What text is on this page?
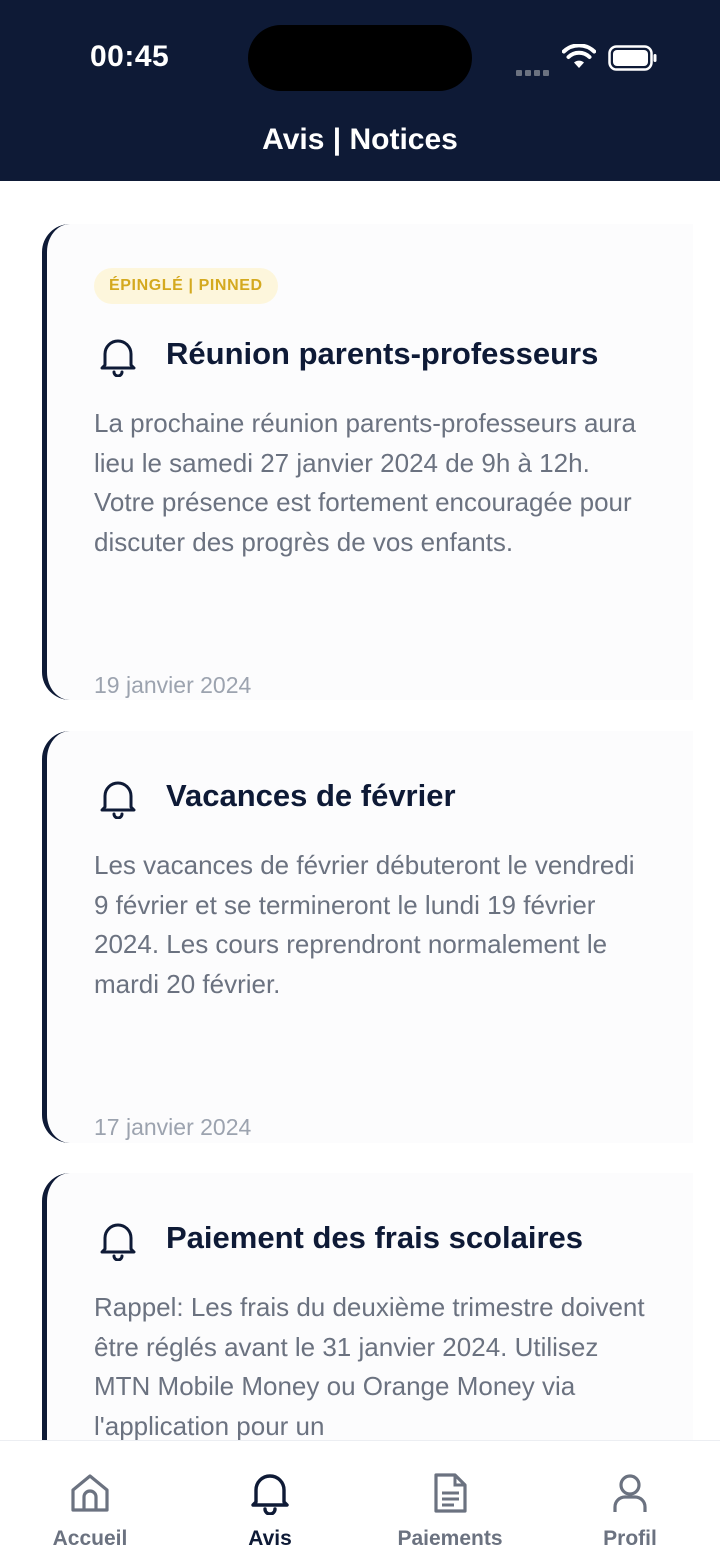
00:45
Avis | Notices
ÉPINGLÉ | PINNED
Réunion parents-professeurs
La prochaine réunion parents-professeurs aura lieu le samedi 27 janvier 2024 de 9h à 12h. Votre présence est fortement encouragée pour discuter des progrès de vos enfants.
19 janvier 2024
Vacances de février
Les vacances de février débuteront le vendredi 9 février et se termineront le lundi 19 février 2024. Les cours reprendront normalement le mardi 20 février.
17 janvier 2024
Paiement des frais scolaires
Rappel: Les frais du deuxième trimestre doivent être réglés avant le 31 janvier 2024. Utilisez MTN Mobile Money ou Orange Money via l'application pour un
Accueil	Avis	Paiements	Profil
